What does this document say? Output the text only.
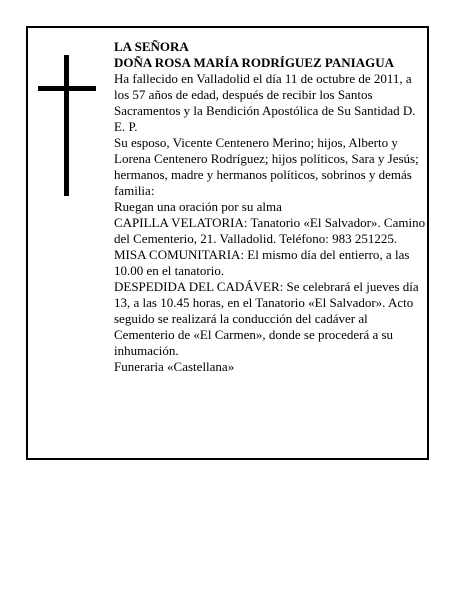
LA SEÑORA

DOÑA ROSA MARÍA RODRÍGUEZ PANIAGUA

Ha fallecido en Valladolid el día 11 de octubre de 2011, a los 57 años de edad, después de recibir los Santos Sacramentos y la Bendición Apostólica de Su Santidad D. E. P.

Su esposo, Vicente Centenero Merino; hijos, Alberto y Lorena Centenero Rodríguez; hijos políticos, Sara y Jesús; hermanos, madre y hermanos políticos, sobrinos y demás familia:

Ruegan una oración por su alma

CAPILLA VELATORIA: Tanatorio «El Salvador». Camino del Cementerio, 21. Valladolid. Teléfono: 983 251225.

MISA COMUNITARIA: El mismo día del entierro, a las 10.00 en el tanatorio.

DESPEDIDA DEL CADÁVER: Se celebrará el jueves día 13, a las 10.45 horas, en el Tanatorio «El Salvador». Acto seguido se realizará la conducción del cadáver al Cementerio de «El Carmen», donde se procederá a su inhumación.

Funeraria «Castellana»
